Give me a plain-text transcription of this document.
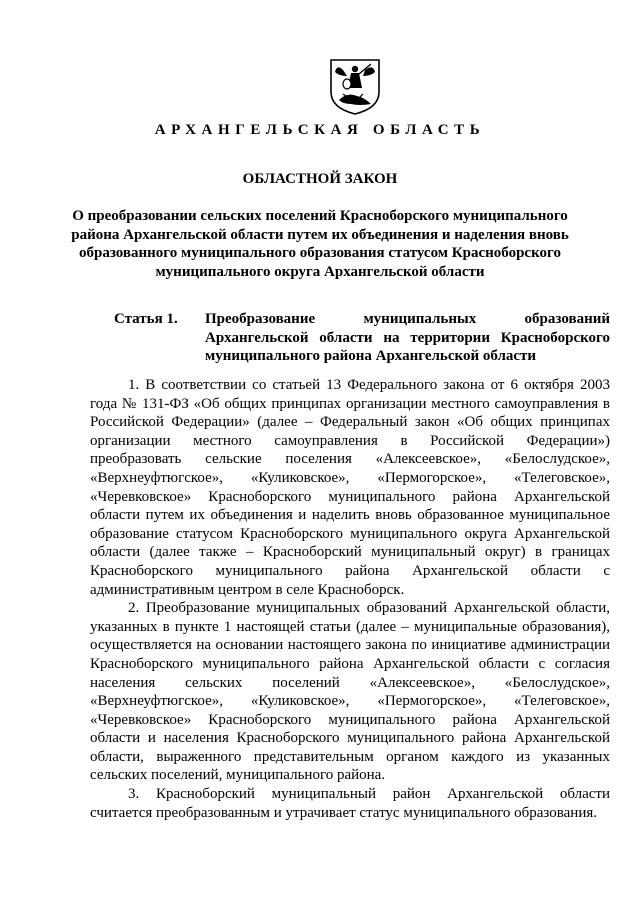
АРХАНГЕЛЬСКАЯ ОБЛАСТЬ
ОБЛАСТНОЙ ЗАКОН
О преобразовании сельских поселений Красноборского муниципального района Архангельской области путем их объединения и наделения вновь образованного муниципального образования статусом Красноборского муниципального округа Архангельской области
Статья 1. Преобразование муниципальных образований Архангельской области на территории Красноборского муниципального района Архангельской области

1. В соответствии со статьей 13 Федерального закона от 6 октября 2003 года № 131-ФЗ «Об общих принципах организации местного самоуправления в Российской Федерации» (далее – Федеральный закон «Об общих принципах организации местного самоуправления в Российской Федерации») преобразовать сельские поселения «Алексеевское», «Белослудское», «Верхнеуфтюгское», «Куликовское», «Пермогорское», «Телеговское», «Черевковское» Красноборского муниципального района Архангельской области путем их объединения и наделить вновь образованное муниципальное образование статусом Красноборского муниципального округа Архангельской области (далее также – Красноборский муниципальный округ) в границах Красноборского муниципального района Архангельской области с административным центром в селе Красноборск.

2. Преобразование муниципальных образований Архангельской области, указанных в пункте 1 настоящей статьи (далее – муниципальные образования), осуществляется на основании настоящего закона по инициативе администрации Красноборского муниципального района Архангельской области с согласия населения сельских поселений «Алексеевское», «Белослудское», «Верхнеуфтюгское», «Куликовское», «Пермогорское», «Телеговское», «Черевковское» Красноборского муниципального района Архангельской области и населения Красноборского муниципального района Архангельской области, выраженного представительным органом каждого из указанных сельских поселений, муниципального района.

3. Красноборский муниципальный район Архангельской области считается преобразованным и утрачивает статус муниципального образования.
